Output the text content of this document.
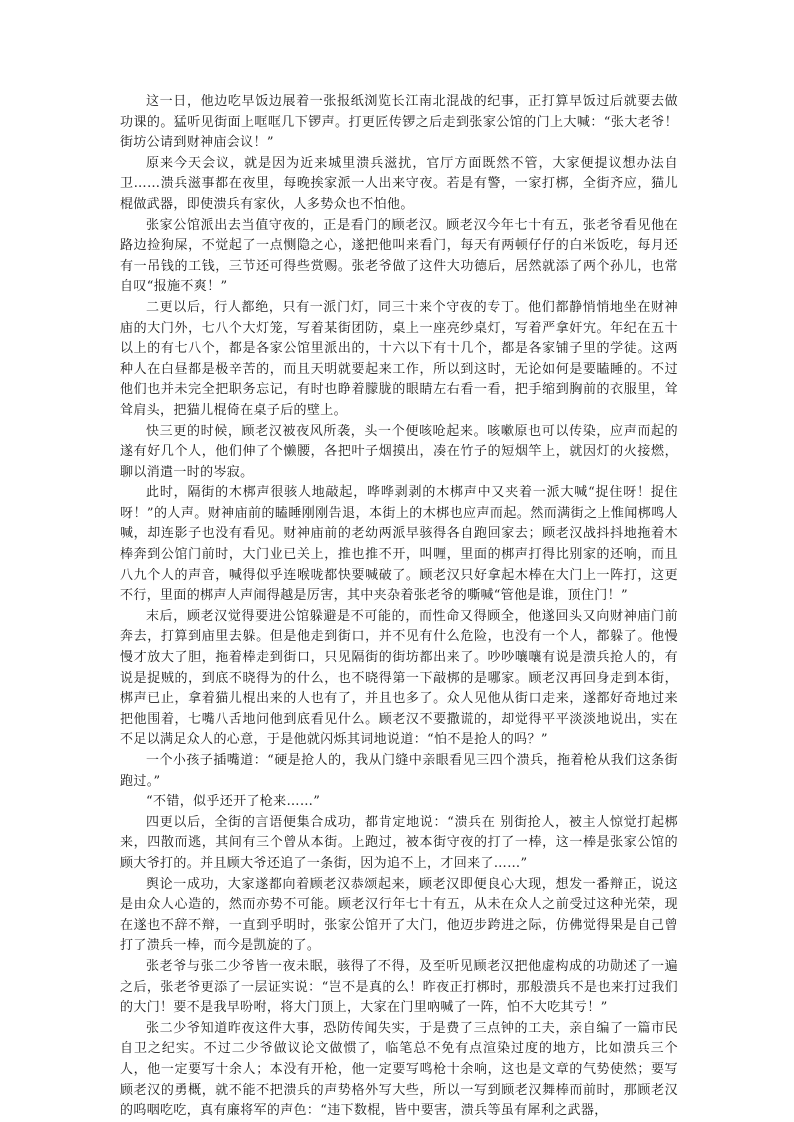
这一日，他边吃早饭边展着一张报纸浏览长江南北混战的纪事，正打算早饭过后就要去做功课的。猛听见街面上哐哐几下锣声。打更匠传锣之后走到张家公馆的门上大喊：“张大老爷！街坊公请到财神庙会议！”

原来今天会议，就是因为近来城里溃兵滋扰，官厅方面既然不管，大家便提议想办法自卫……溃兵滋事都在夜里，每晚挨家派一人出来守夜。若是有警，一家打梆，全街齐应，猫儿棍做武器，即使溃兵有家伙，人多势众也不怕他。

张家公馆派出去当值守夜的，正是看门的顾老汉。顾老汉今年七十有五，张老爷看见他在路边捡狗屎，不觉起了一点恻隐之心，遂把他叫来看门，每天有两顿仔仔的白米饭吃，每月还有一吊钱的工钱，三节还可得些赏赐。张老爷做了这件大功德后，居然就添了两个孙儿，也常自叹“报施不爽！”

二更以后，行人都绝，只有一派门灯，同三十来个守夜的专丁。他们都静悄悄地坐在财神庙的大门外，七八个大灯笼，写着某街团防，桌上一座亮纱桌灯，写着严拿奸宄。年纪在五十以上的有七八个，都是各家公馆里派出的，十六以下有十几个，都是各家铺子里的学徒。这两种人在白昼都是极辛苦的，而且天明就要起来工作，所以到这时，无论如何是要瞌睡的。不过他们也并未完全把职务忘记，有时也睁着朦胧的眼睛左右看一看，把手缩到胸前的衣服里，耸耸肩头，把猫儿棍倚在桌子后的壁上。

快三更的时候，顾老汉被夜风所袭，头一个便咳呛起来。咳嗽原也可以传染，应声而起的遂有好几个人，他们伸了个懒腰，各把叶子烟摸出，凑在竹子的短烟竿上，就因灯的火接燃，聊以消遣一时的岑寂。

此时，隔街的木梆声很骇人地敲起，哗哗剥剥的木梆声中又夹着一派大喊“捉住呀！捉住呀！”的人声。财神庙前的瞌睡刚刚告退，本街上的木梆也应声而起。然而满街之上惟闻梆鸣人喊，却连影子也没有看见。财神庙前的老幼两派早骇得各自跑回家去；顾老汉战抖抖地拖着木棒奔到公馆门前时，大门业已关上，推也推不开，叫喱，里面的梆声打得比别家的还响，而且八九个人的声音，喊得似乎连喉咙都快要喊破了。顾老汉只好拿起木棒在大门上一阵打，这更不行，里面的梆声人声闹得越是厉害，其中夹杂着张老爷的嘶喊“管他是谁，顶住门！”

末后，顾老汉觉得要进公馆躲避是不可能的，而性命又得顾全，他遂回头又向财神庙门前奔去，打算到庙里去躲。但是他走到街口，并不见有什么危险，也没有一个人，都躲了。他慢慢才放大了胆，拖着棒走到街口，只见隔街的街坊都出来了。吵吵嚷嚷有说是溃兵抢人的，有说是捉贼的，到底不晓得为的什么，也不晓得第一下敲梆的是哪家。顾老汉再回身走到本街，梆声已止，拿着猫儿棍出来的人也有了，并且也多了。众人见他从街口走来，遂都好奇地过来把他围着，七嘴八舌地问他到底看见什么。顾老汉不要撒谎的，却觉得平平淡淡地说出，实在不足以满足众人的心意，于是他就闪烁其词地说道：“怕不是抢人的吗？”

一个小孩子插嘴道：“硬是抢人的，我从门缝中亲眼看见三四个溃兵，拖着枪从我们这条街跑过。”

“不错，似乎还开了枪来……”

四更以后，全街的言语便集合成功，都肯定地说：“溃兵在 别街抢人，被主人惊觉打起梆来，四散而逃，其间有三个曾从本街。上跑过，被本街守夜的打了一棒，这一棒是张家公馆的顾大爷打的。并且顾大爷还追了一条街，因为追不上，才回来了……”

舆论一成功，大家遂都向着顾老汉恭颂起来，顾老汉即便良心大现，想发一番辩正，说这是由众人心造的，然而亦势不可能。顾老汉行年七十有五，从未在众人之前受过这种光荣，现在遂也不辞不辩，一直到乎明时，张家公馆开了大门，他迈步跨进之际，仿佛觉得果是自己曾打了溃兵一棒，而今是凯旋的了。

张老爷与张二少爷皆一夜未眠，骇得了不得，及至听见顾老汉把他虚构成的功勋述了一遍之后，张老爷更添了一层证实说：“岂不是真的么！昨夜正打梆时，那般溃兵不是也来打过我们的大门！要不是我早吩咐，将大门顶上，大家在门里吶喊了一阵，怕不大吃其亏！”

张二少爷知道昨夜这件大事，恐防传闻失实，于是费了三点钟的工夫，亲自编了一篇市民自卫之纪实。不过二少爷做议论文做惯了，临笔总不免有点渲染过度的地方，比如溃兵三个人，他一定要写十余人；本没有开枪，他一定要写鸣枪十余响，这也是文章的气势使然；要写顾老汉的勇概，就不能不把溃兵的声势格外写大些，所以一写到顾老汉舞棒而前时，那顾老汉的呜咽吃吃，真有廉将军的声色：“违下数棍，皆中要害，溃兵等虽有犀利之武器，
